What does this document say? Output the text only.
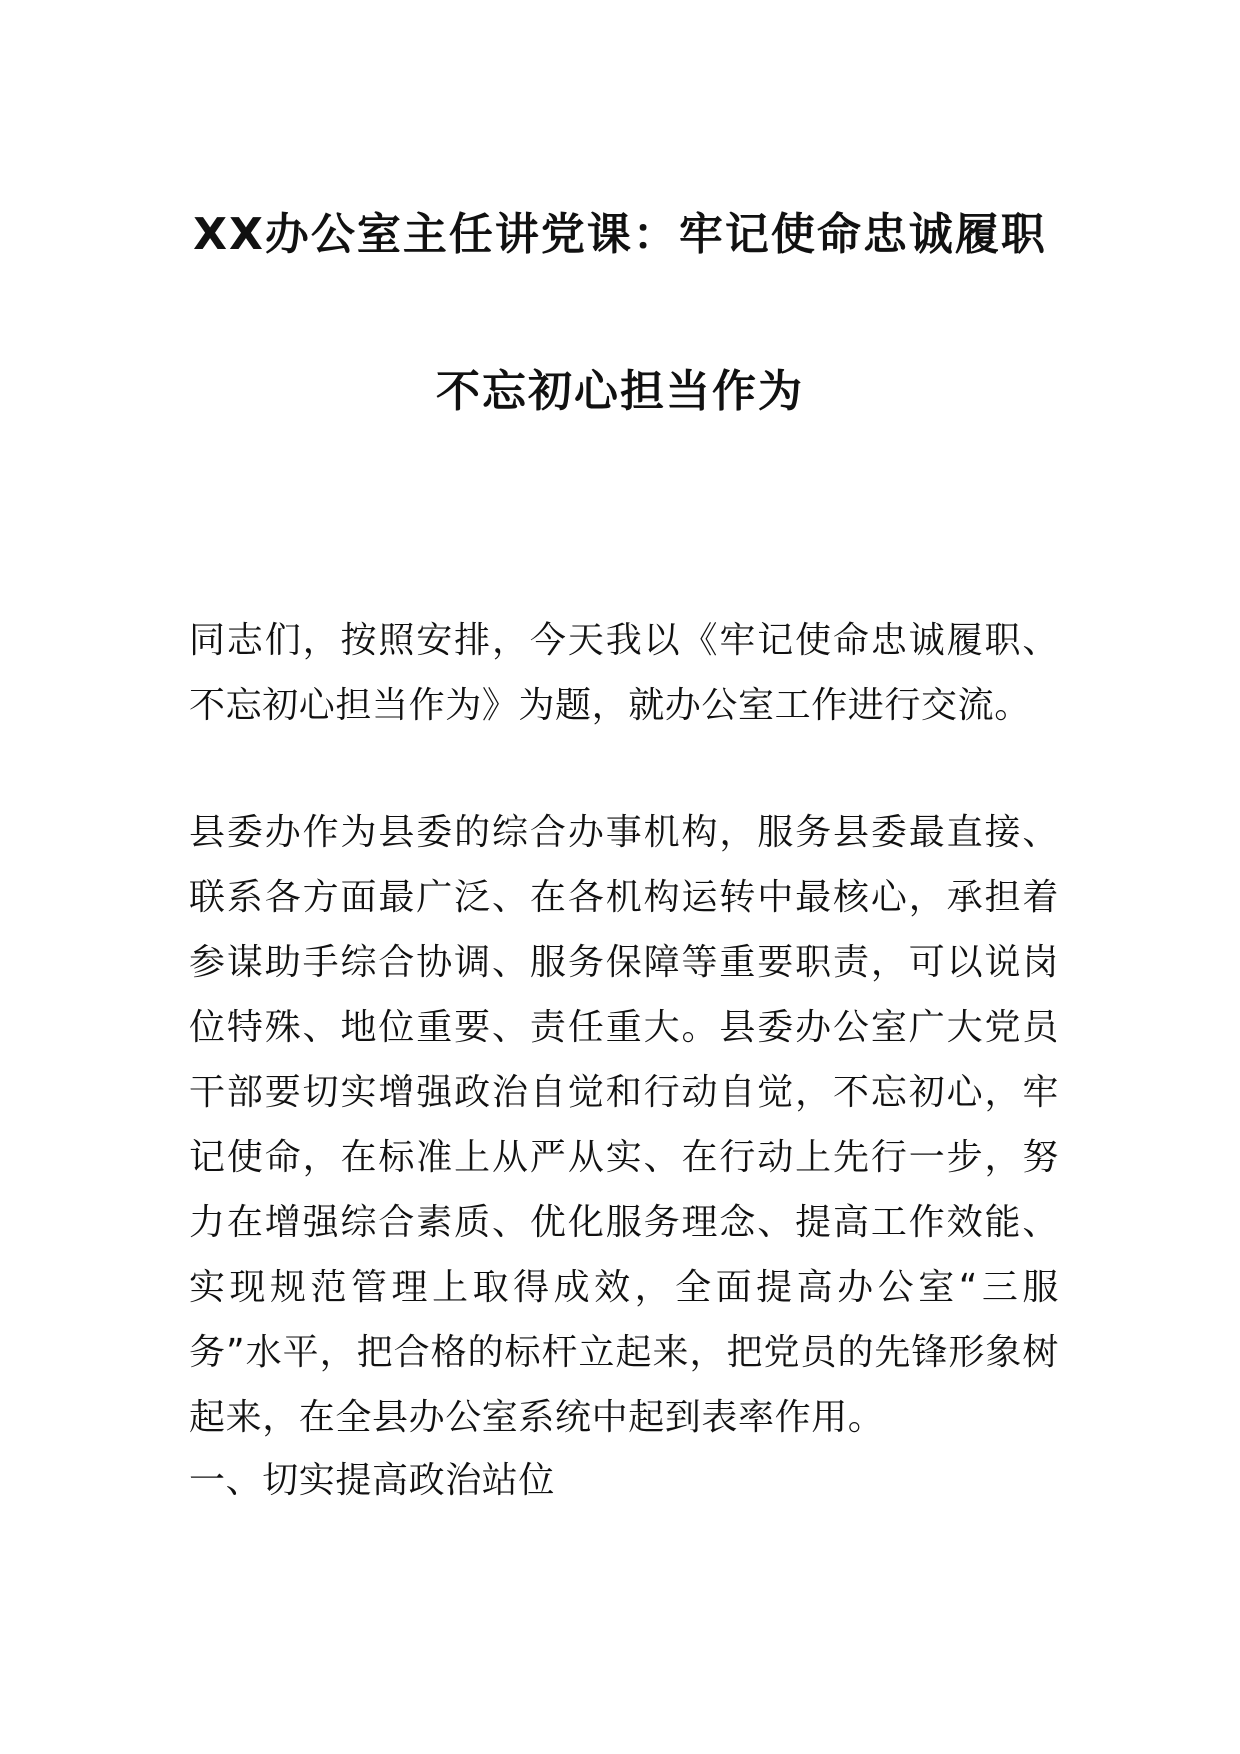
XX办公室主任讲党课：牢记使命忠诚履职
不忘初心担当作为
同志们，按照安排，今天我以《牢记使命忠诚履职、不忘初心担当作为》为题，就办公室工作进行交流。
县委办作为县委的综合办事机构，服务县委最直接、联系各方面最广泛、在各机构运转中最核心，承担着参谋助手综合协调、服务保障等重要职责，可以说岗位特殊、地位重要、责任重大。县委办公室广大党员干部要切实增强政治自觉和行动自觉，不忘初心，牢记使命，在标准上从严从实、在行动上先行一步，努力在增强综合素质、优化服务理念、提高工作效能、实现规范管理上取得成效，全面提高办公室“三服务”水平，把合格的标杆立起来，把党员的先锋形象树起来，在全县办公室系统中起到表率作用。
一、切实提高政治站位
